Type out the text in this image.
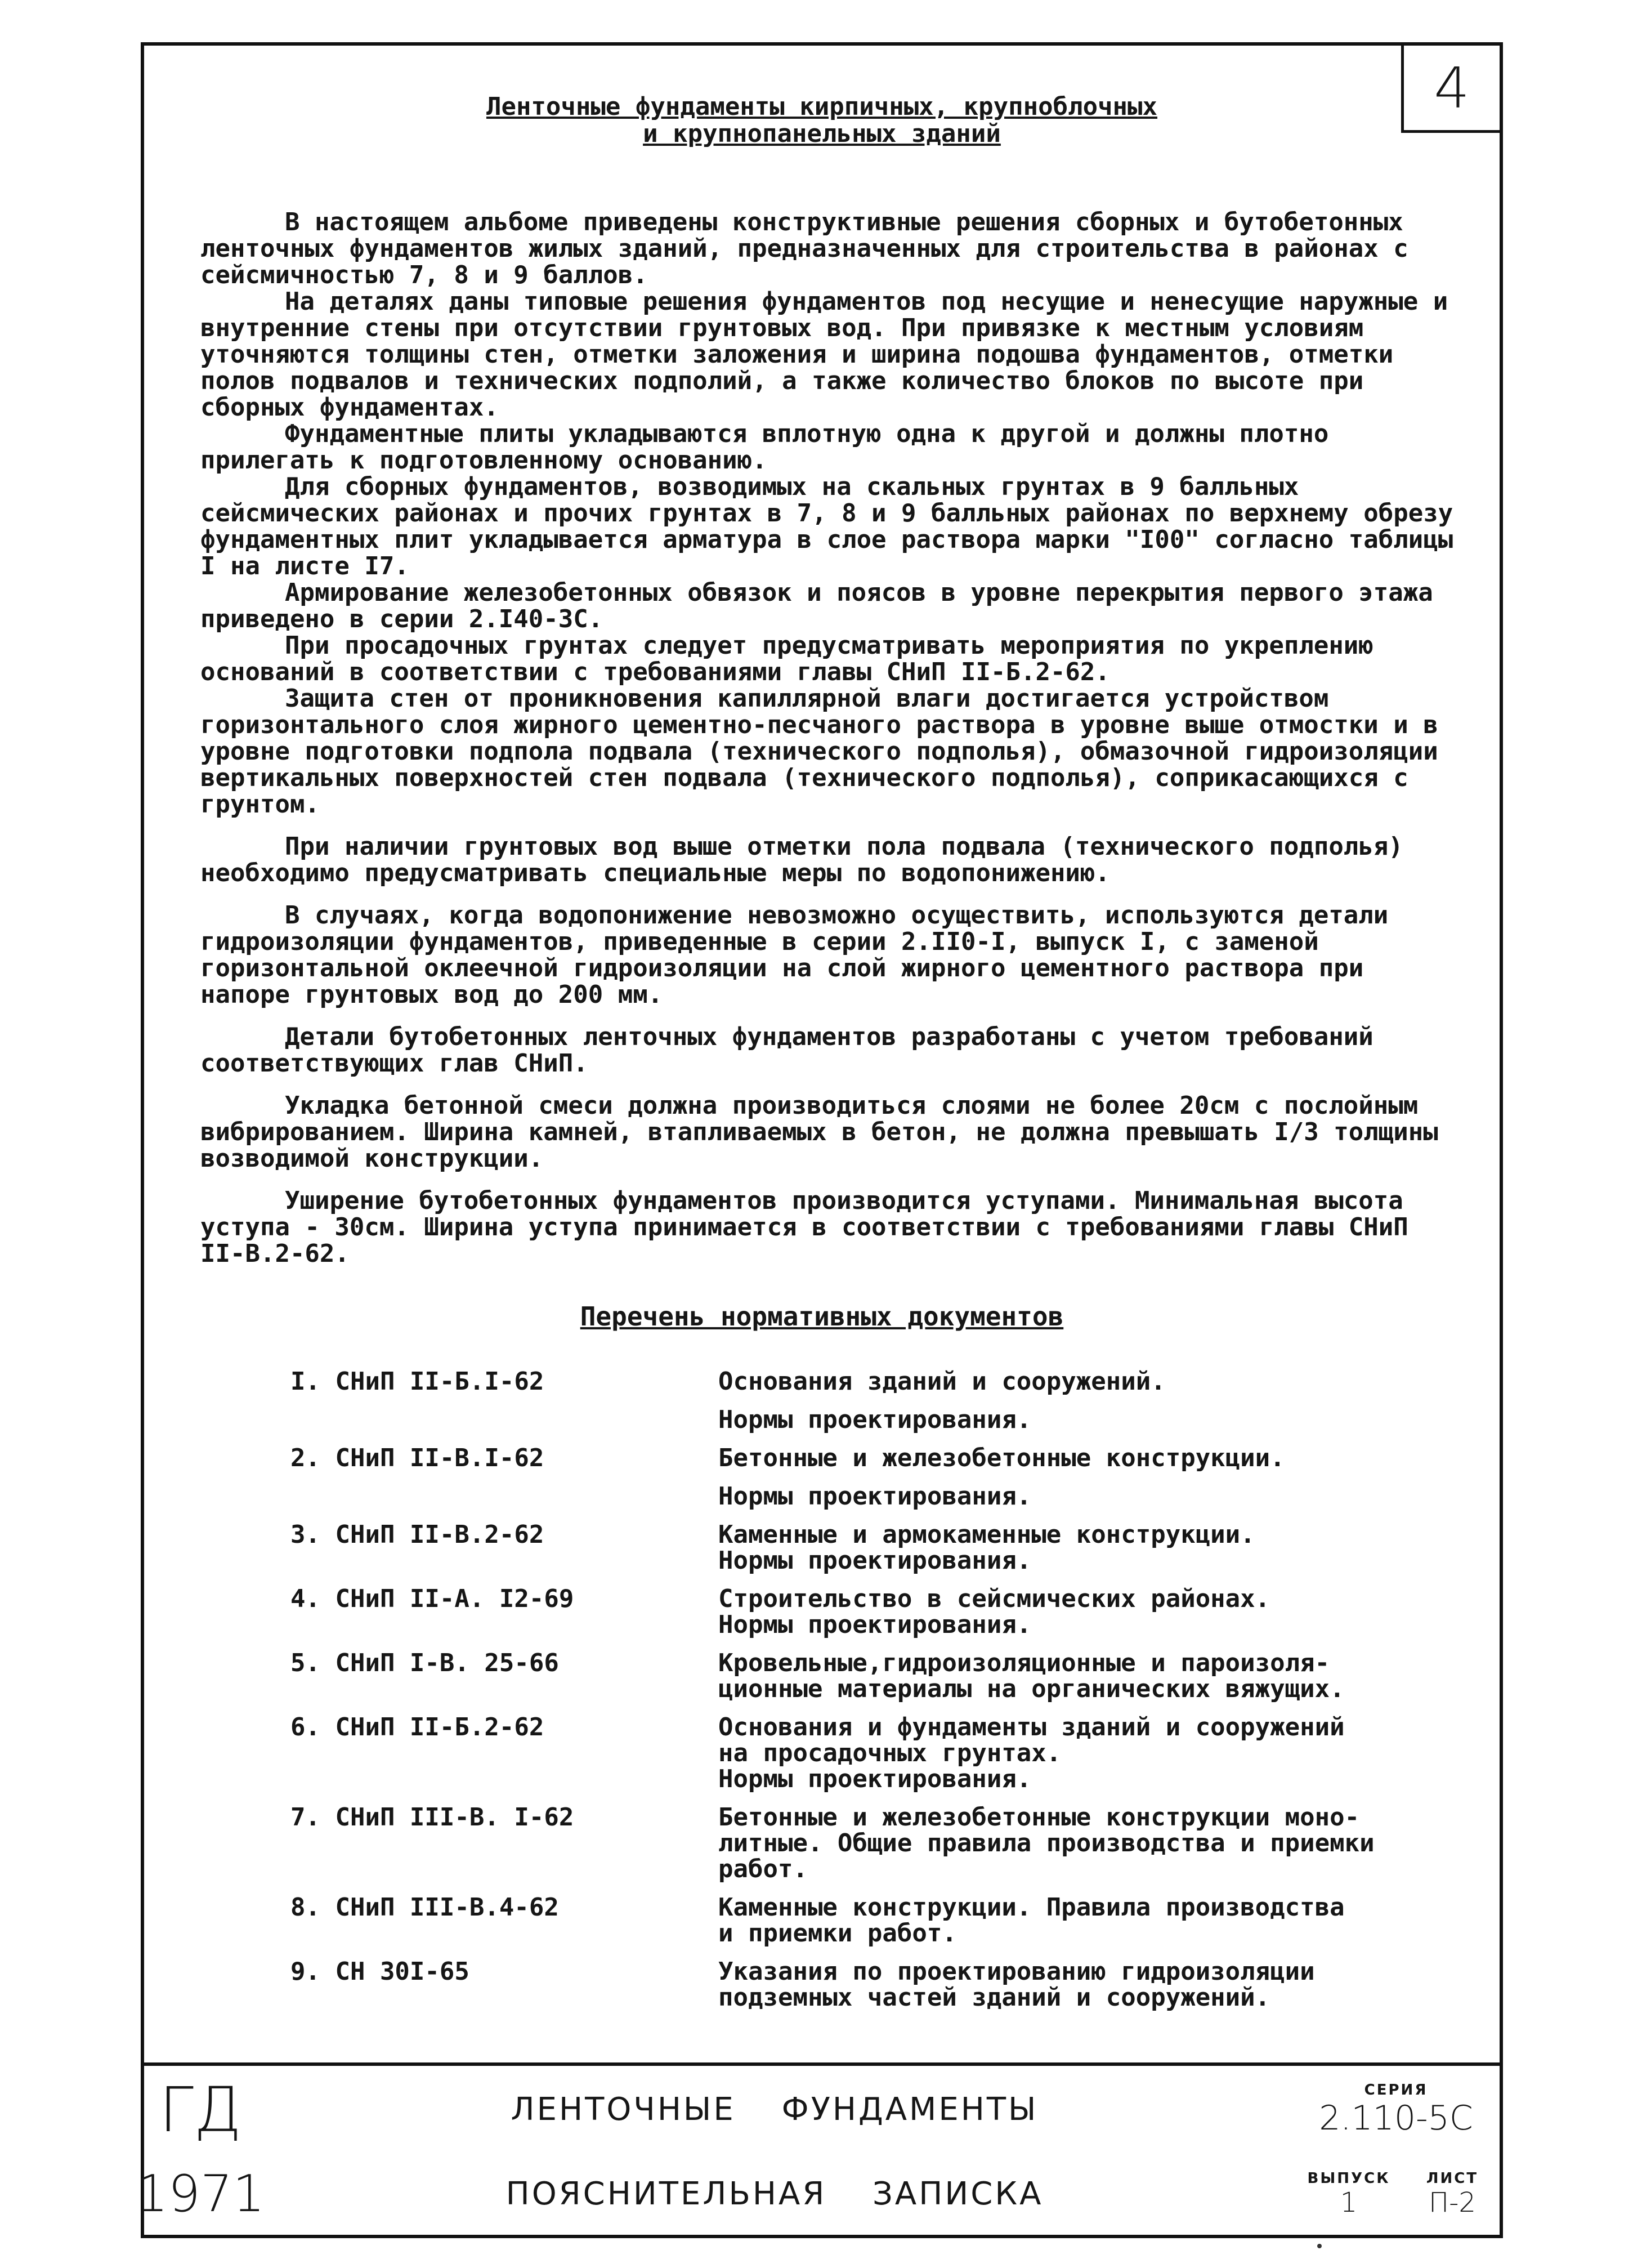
4
Ленточные фундаменты кирпичных, крупноблочных
и крупнопанельных зданий

В настоящем альбоме приведены конструктивные решения сборных и бутобетонных ленточных фундаментов жилых зданий, предназначенных для строительства в районах с сейсмичностью 7, 8 и 9 баллов.

На деталях даны типовые решения фундаментов под несущие и ненесущие наружные и внутренние стены при отсутствии грунтовых вод. При привязке к местным условиям уточняются толщины стен, отметки заложения и ширина подошва фундаментов, отметки полов подвалов и технических подполий, а также количество блоков по высоте при сборных фундаментах.

Фундаментные плиты укладываются вплотную одна к другой и должны плотно прилегать к подготовленному основанию.

Для сборных фундаментов, возводимых на скальных грунтах в 9 балльных сейсмических районах и прочих грунтах в 7, 8 и 9 балльных районах по верхнему обрезу фундаментных плит укладывается арматура в слое раствора марки "I00" согласно таблицы I на листе I7.

Армирование железобетонных обвязок и поясов в уровне перекрытия первого этажа приведено в серии 2.I40-3С.

При просадочных грунтах следует предусматривать мероприятия по укреплению оснований в соответствии с требованиями главы СНиП II-Б.2-62.

Защита стен от проникновения капиллярной влаги достигается устройством горизонтального слоя жирного цементно-песчаного раствора в уровне выше отмостки и в уровне подготовки подпола подвала (технического подполья), обмазочной гидроизоляции вертикальных поверхностей стен подвала (технического подполья), соприкасающихся с грунтом.

При наличии грунтовых вод выше отметки пола подвала (технического подполья) необходимо предусматривать специальные меры по водопонижению.

В случаях, когда водопонижение невозможно осуществить, используются детали гидроизоляции фундаментов, приведенные в серии 2.II0-I, выпуск I, с заменой горизонтальной оклеечной гидроизоляции на слой жирного цементного раствора при напоре грунтовых вод до 200 мм.

Детали бутобетонных ленточных фундаментов разработаны с учетом требований соответствующих глав СНиП.

Укладка бетонной смеси должна производиться слоями не более 20см с послойным вибрированием. Ширина камней, втапливаемых в бетон, не должна превышать I/3 толщины возводимой конструкции.

Уширение бутобетонных фундаментов производится уступами. Минимальная высота уступа - 30см. Ширина уступа принимается в соответствии с требованиями главы СНиП II-В.2-62.

Перечень нормативных документов
I. СНиП II-Б.I-62	Основания зданий и сооружений.
Нормы проектирования.
2. СНиП II-В.I-62	Бетонные и железобетонные конструкции.
Нормы проектирования.
3. СНиП II-В.2-62	Каменные и армокаменные конструкции.
Нормы проектирования.
4. СНиП II-А. I2-69	Строительство в сейсмических районах.
Нормы проектирования.
5. СНиП I-В. 25-66	Кровельные,гидроизоляционные и пароизоля-
ционные материалы на органических вяжущих.
6. СНиП II-Б.2-62	Основания и фундаменты зданий и сооружений
на просадочных грунтах.
Нормы проектирования.
7. СНиП III-В. I-62	Бетонные и железобетонные конструкции моно-
литные. Общие правила производства и приемки
работ.
8. СНиП III-В.4-62	Каменные конструкции. Правила производства
и приемки работ.
9. СН 30I-65	Указания по проектированию гидроизоляции
подземных частей зданий и сооружений.
ГД
1971
ЛЕНТОЧНЫЕ ФУНДАМЕНТЫ
ПОЯСНИТЕЛЬНАЯ ЗАПИСКА
СЕРИЯ
2.110-5С
ВЫПУСК
1
ЛИСТ
П-2
